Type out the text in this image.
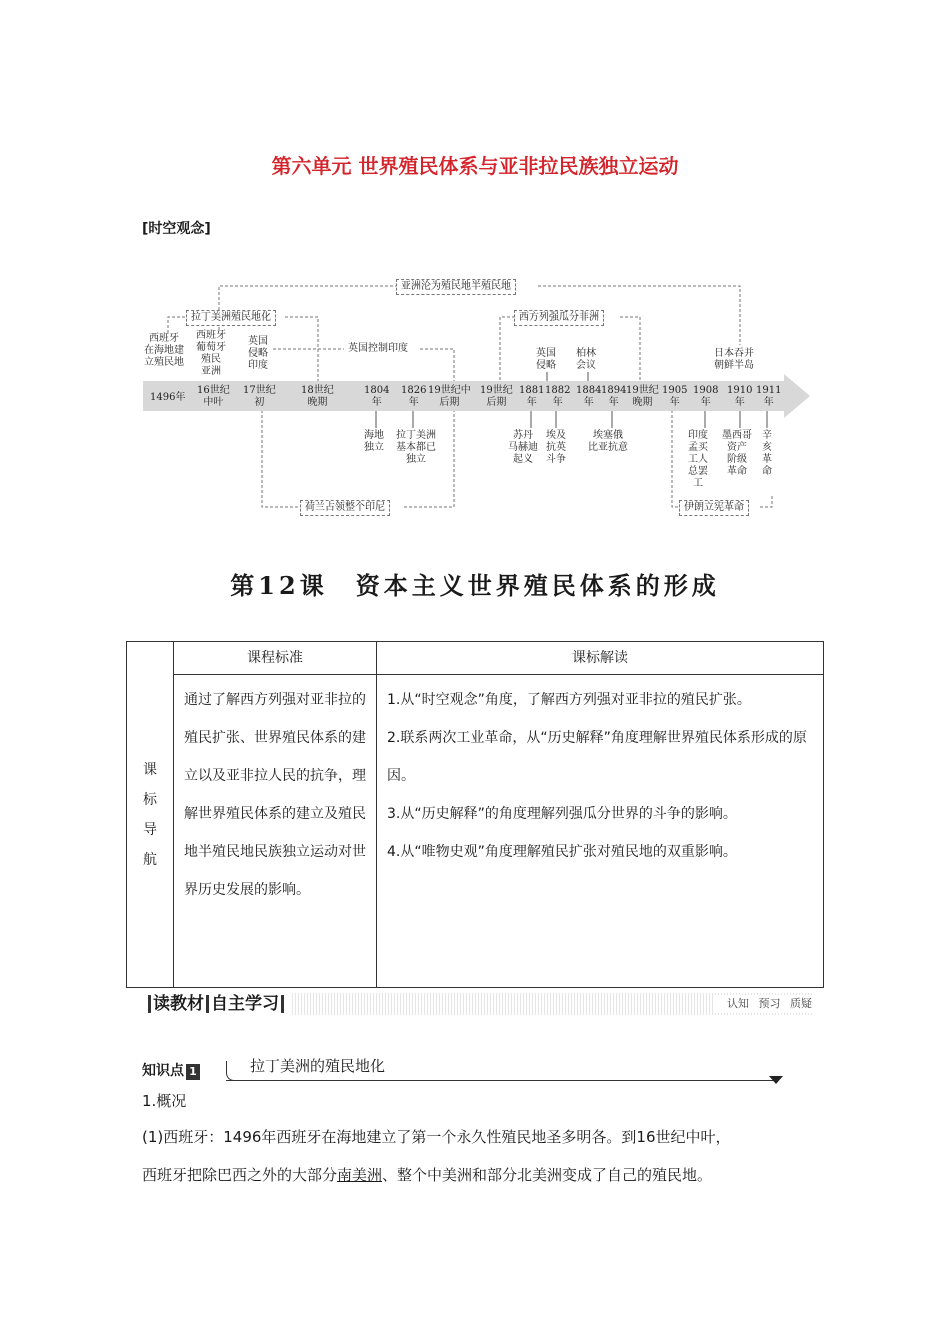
第六单元 世界殖民体系与亚非拉民族独立运动
[时空观念]
1496年
16世纪
中叶
17世纪
初
18世纪
晚期
1804
年
1826
年
19世纪中
后期
19世纪
后期
1881
年
1882
年
1884
年
1894
年
19世纪
晚期
1905
年
1908
年
1910
年
1911
年
西班牙
在海地建
立殖民地
西班牙
葡萄牙
殖民
亚洲
英国
侵略
印度
英国
侵略
柏林
会议
日本吞并
朝鲜半岛
海地
独立
拉丁美洲
基本都已
独立
苏丹
马赫迪
起义
埃及
抗英
斗争
埃塞俄
比亚抗意
印度
孟买
工人
总罢
工
墨西哥
资产
阶级
革命
辛
亥
革
命
亚洲沦为殖民地半殖民地
拉丁美洲殖民地化
英国控制印度
西方列强瓜分非洲
荷兰占领整个印尼	伊朗立宪革命
第12课　资本主义世界殖民体系的形成
课
标
导
航	课程标准	课标解读
	通过了解西方列强对亚非拉的殖民扩张、世界殖民体系的建立以及亚非拉人民的抗争，理解世界殖民体系的建立及殖民地半殖民地民族独立运动对世界历史发展的影响。	1.从“时空观念”角度，了解西方列强对亚非拉的殖民扩张。

2.联系两次工业革命，从“历史解释”角度理解世界殖民体系形成的原因。

3.从“历史解释”的角度理解列强瓜分世界的斗争的影响。

4.从“唯物史观”角度理解殖民扩张对殖民地的双重影响。

读教材 自主学习	认知 预习 质疑
知识点 1	拉丁美洲的殖民地化
1.概况
(1)西班牙：1496年西班牙在海地建立了第一个永久性殖民地圣多明各。到16世纪中叶，
西班牙把除巴西之外的大部分南美洲、整个中美洲和部分北美洲变成了自己的殖民地。
